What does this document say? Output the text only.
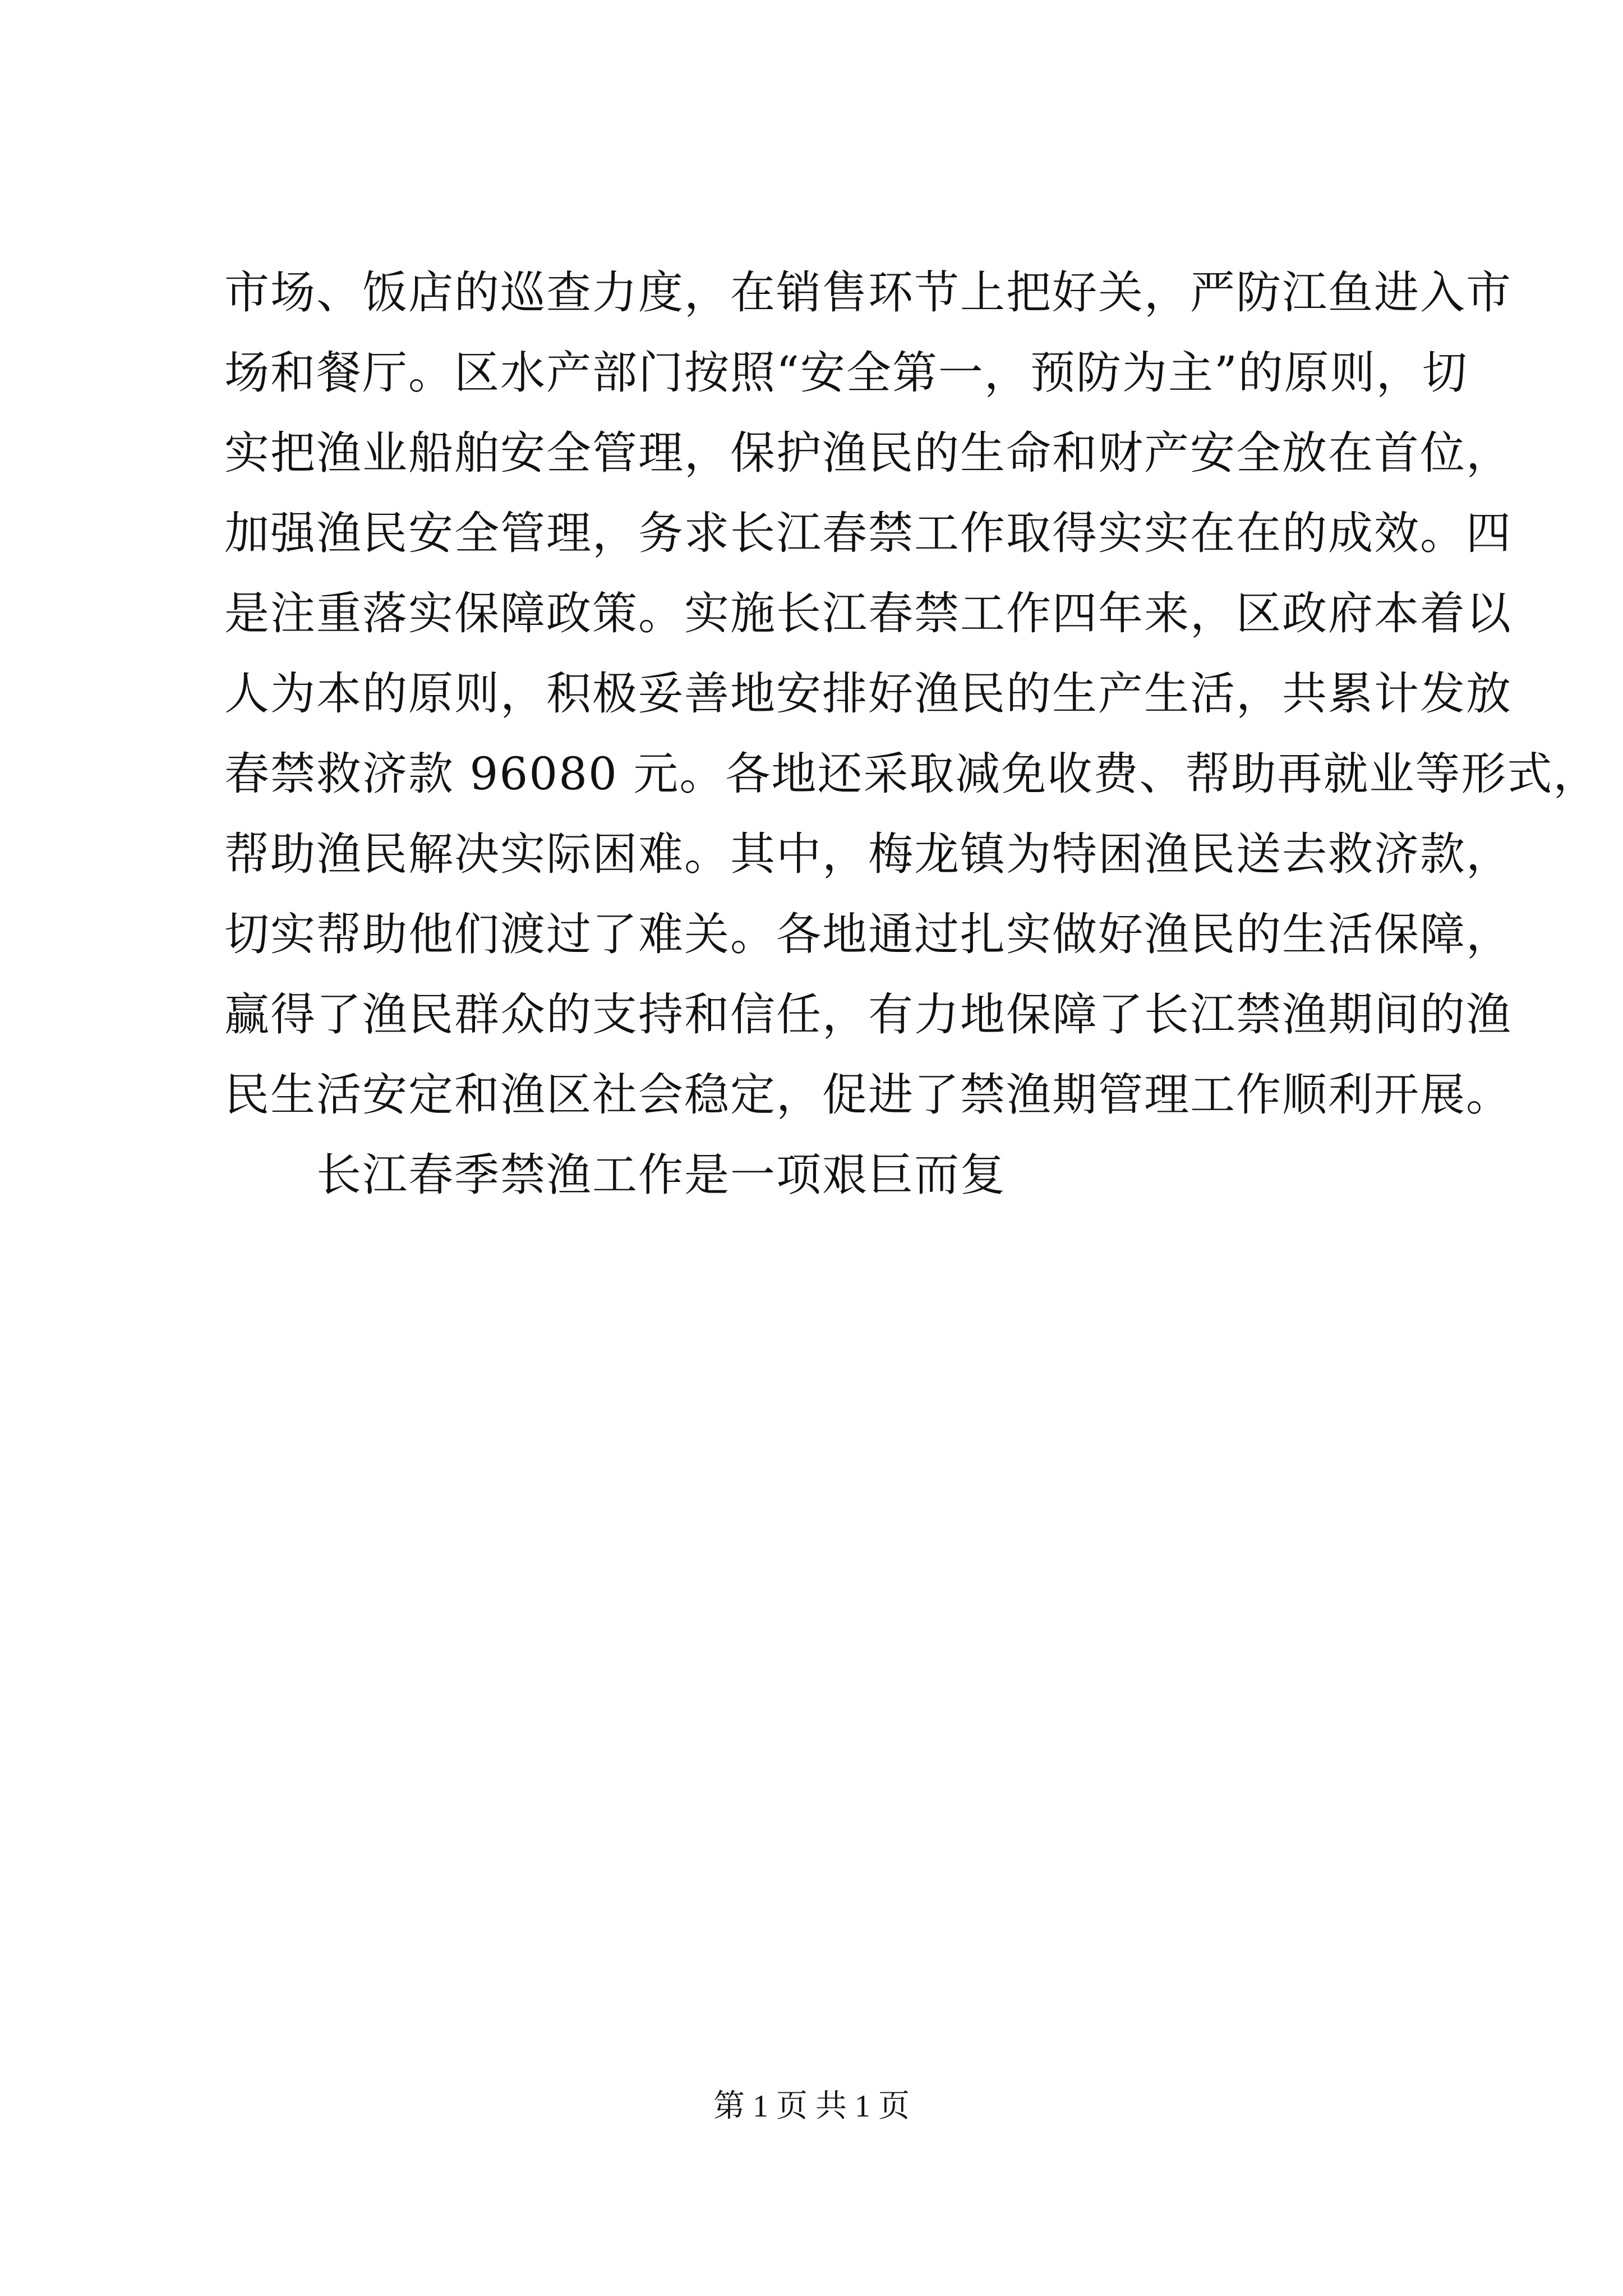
市场、饭店的巡查力度，在销售环节上把好关，严防江鱼进入市
场和餐厅。区水产部门按照“安全第一，预防为主”的原则，切
实把渔业船舶安全管理，保护渔民的生命和财产安全放在首位，
加强渔民安全管理，务求长江春禁工作取得实实在在的成效。四
是注重落实保障政策。实施长江春禁工作四年来，区政府本着以
人为本的原则，积极妥善地安排好渔民的生产生活，共累计发放
春禁救济款 96080 元。各地还采取减免收费、帮助再就业等形式，
帮助渔民解决实际困难。其中，梅龙镇为特困渔民送去救济款，
切实帮助他们渡过了难关。各地通过扎实做好渔民的生活保障，
赢得了渔民群众的支持和信任，有力地保障了长江禁渔期间的渔
民生活安定和渔区社会稳定，促进了禁渔期管理工作顺利开展。
长江春季禁渔工作是一项艰巨而复
第 1 页 共 1 页
